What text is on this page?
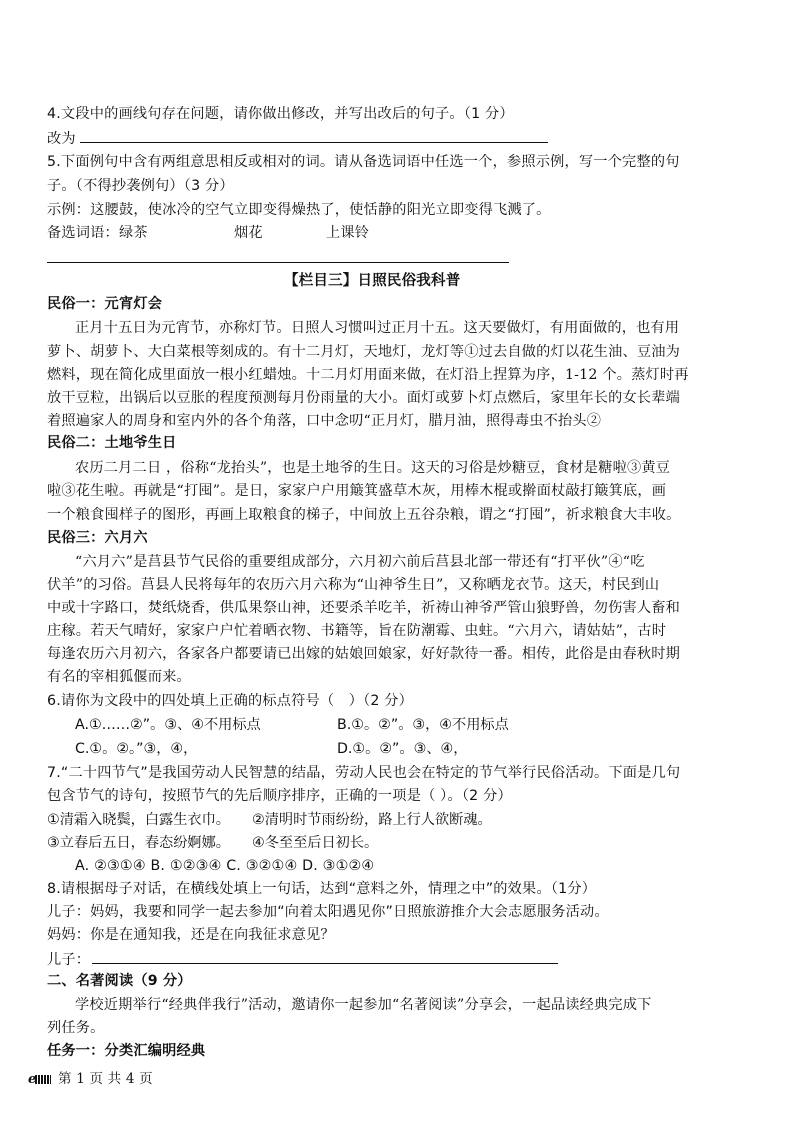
4.文段中的画线句存在问题，请你做出修改，并写出改后的句子。（1 分）
改为
5.下面例句中含有两组意思相反或相对的词。请从备选词语中任选一个，参照示例，写一个完整的句
子。（不得抄袭例句）（3 分）
示例：这腰鼓，使冰冷的空气立即变得燥热了，使恬静的阳光立即变得飞溅了。
备选词语：绿茶	烟花	上课铃
【栏目三】日照民俗我科普
民俗一：元宵灯会
正月十五日为元宵节，亦称灯节。日照人习惯叫过正月十五。这天要做灯，有用面做的，也有用
萝卜、胡萝卜、大白菜根等刻成的。有十二月灯，天地灯，龙灯等①过去自做的灯以花生油、豆油为
燃料，现在简化成里面放一根小红蜡烛。十二月灯用面来做，在灯沿上捏算为序，1-12 个。蒸灯时再
放干豆粒，出锅后以豆胀的程度预测每月份雨量的大小。面灯或萝卜灯点燃后，家里年长的女长辈端
着照遍家人的周身和室内外的各个角落，口中念叨“正月灯，腊月油，照得毒虫不抬头②
民俗二：土地爷生日
农历二月二日 ，俗称“龙抬头”，也是土地爷的生日。这天的习俗是炒糖豆，食材是糖啦③黄豆
啦③花生啦。再就是“打囤”。是日，家家户户用簸箕盛草木灰，用棒木棍或擀面杖敲打簸箕底，画
一个粮食囤样子的图形，再画上取粮食的梯子，中间放上五谷杂粮，谓之“打囤”，祈求粮食大丰收。
民俗三：六月六
“六月六”是莒县节气民俗的重要组成部分，六月初六前后莒县北部一带还有“打平伙”④“吃
伏羊”的习俗。莒县人民将每年的农历六月六称为“山神爷生日”，又称晒龙衣节。这天，村民到山
中或十字路口，焚纸烧香，供瓜果祭山神，还要杀羊吃羊，祈祷山神爷严管山狼野兽，勿伤害人畜和
庄稼。若天气晴好，家家户户忙着晒衣物、书籍等，旨在防潮霉、虫蛀。“六月六，请姑姑”，古时
每逢农历六月初六，各家各户都要请已出嫁的姑娘回娘家，好好款待一番。相传，此俗是由春秋时期
有名的宰相狐偃而来。
6.请你为文段中的四处填上正确的标点符号（　）（2 分）
A.①……②”。③、④不用标点	B.①。②”。③，④不用标点
C.①。②。”③，④，	D.①。②”。③、④，
7.“二十四节气”是我国劳动人民智慧的结晶，劳动人民也会在特定的节气举行民俗活动。下面是几句
包含节气的诗句，按照节气的先后顺序排序，正确的一项是（ ）。（2 分）
①清霜入晓鬓，白露生衣巾。 ②清明时节雨纷纷，路上行人欲断魂。
③立春后五日，春态纷婀娜。 ④冬至至后日初长。
A. ②③①④ B. ①②③④ C. ③②①④ D. ③①②④
8.请根据母子对话，在横线处填上一句话，达到“意料之外，情理之中”的效果。（1分）
儿子：妈妈，我要和同学一起去参加“向着太阳遇见你”日照旅游推介大会志愿服务活动。
妈妈：你是在通知我，还是在向我征求意见？
儿子：
二、名著阅读（9 分）
学校近期举行“经典伴我行”活动，邀请你一起参加“名著阅读”分享会，一起品读经典完成下
列任务。
任务一：分类汇编明经典
e	第 1 页 共 4 页
